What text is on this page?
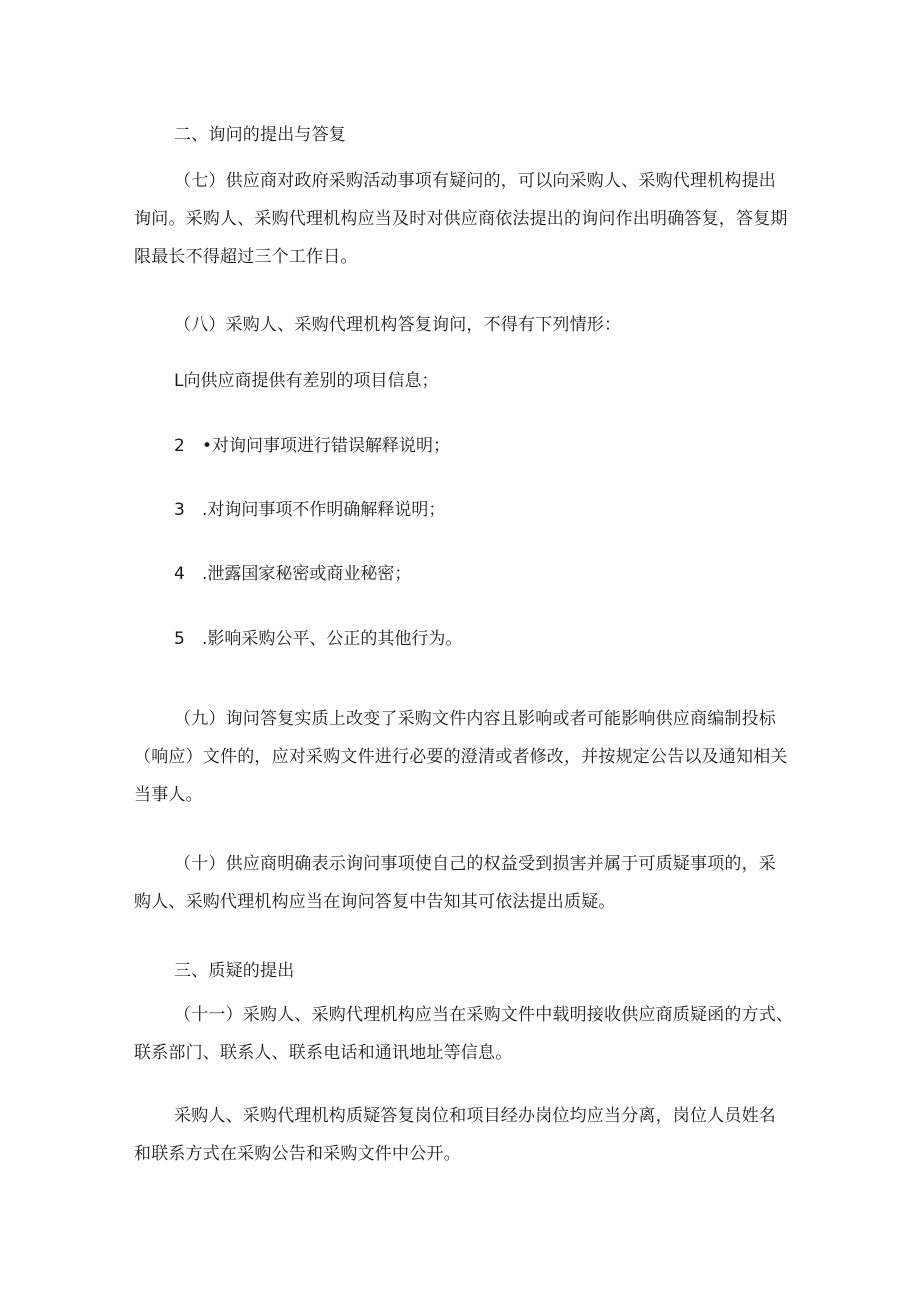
二、询问的提出与答复

（七）供应商对政府采购活动事项有疑问的，可以向采购人、采购代理机构提出
询问。采购人、采购代理机构应当及时对供应商依法提出的询问作出明确答复，答复期
限最长不得超过三个工作日。

（八）采购人、采购代理机构答复询问，不得有下列情形：

L向供应商提供有差别的项目信息；
2 •对询问事项进行错误解释说明；
3 .对询问事项不作明确解释说明；
4 .泄露国家秘密或商业秘密；
5 .影响采购公平、公正的其他行为。

（九）询问答复实质上改变了采购文件内容且影响或者可能影响供应商编制投标
（响应）文件的，应对采购文件进行必要的澄清或者修改，并按规定公告以及通知相关
当事人。

（十）供应商明确表示询问事项使自己的权益受到损害并属于可质疑事项的，采
购人、采购代理机构应当在询问答复中告知其可依法提出质疑。

三、质疑的提出

（十一）采购人、采购代理机构应当在采购文件中载明接收供应商质疑函的方式、
联系部门、联系人、联系电话和通讯地址等信息。

采购人、采购代理机构质疑答复岗位和项目经办岗位均应当分离，岗位人员姓名
和联系方式在采购公告和采购文件中公开。
